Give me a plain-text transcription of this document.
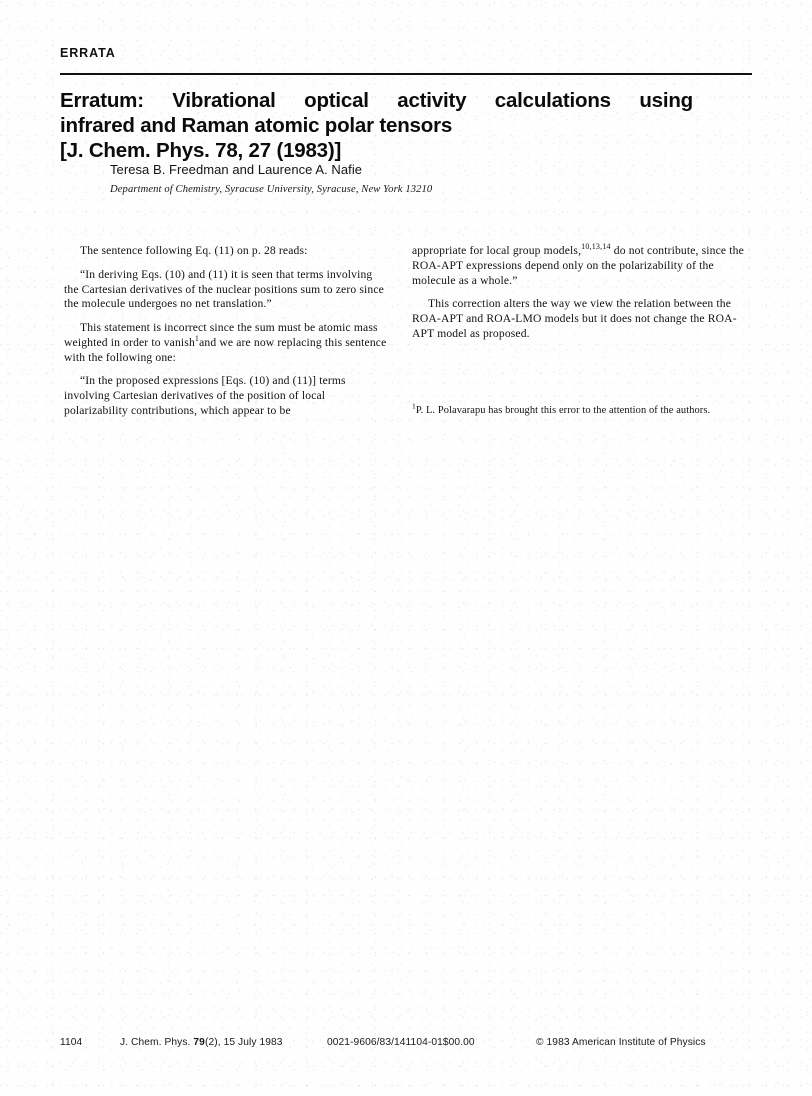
ERRATA
Erratum: Vibrational optical activity calculations using
infrared and Raman atomic polar tensors
[J. Chem. Phys. 78, 27 (1983)]
Teresa B. Freedman and Laurence A. Nafie
Department of Chemistry, Syracuse University, Syracuse, New York 13210

The sentence following Eq. (11) on p. 28 reads:

“In deriving Eqs. (10) and (11) it is seen that terms involving the Cartesian derivatives of the nuclear positions sum to zero since the molecule undergoes no net translation.”

This statement is incorrect since the sum must be atomic mass weighted in order to vanish$^1$and we are now replacing this sentence with the following one:

“In the proposed expressions [Eqs. (10) and (11)] terms involving Cartesian derivatives of the position of local polarizability contributions, which appear to be

appropriate for local group models,$^{10,13,14}$ do not contribute, since the ROA-APT expressions depend only on the polarizability of the molecule as a whole.”

This correction alters the way we view the relation between the ROA-APT and ROA-LMO models but it does not change the ROA-APT model as proposed.

$^1$P. L. Polavarapu has brought this error to the attention of the authors.
1104	J. Chem. Phys. 79(2), 15 July 1983	0021-9606/83/141104-01$00.00	© 1983 American Institute of Physics
